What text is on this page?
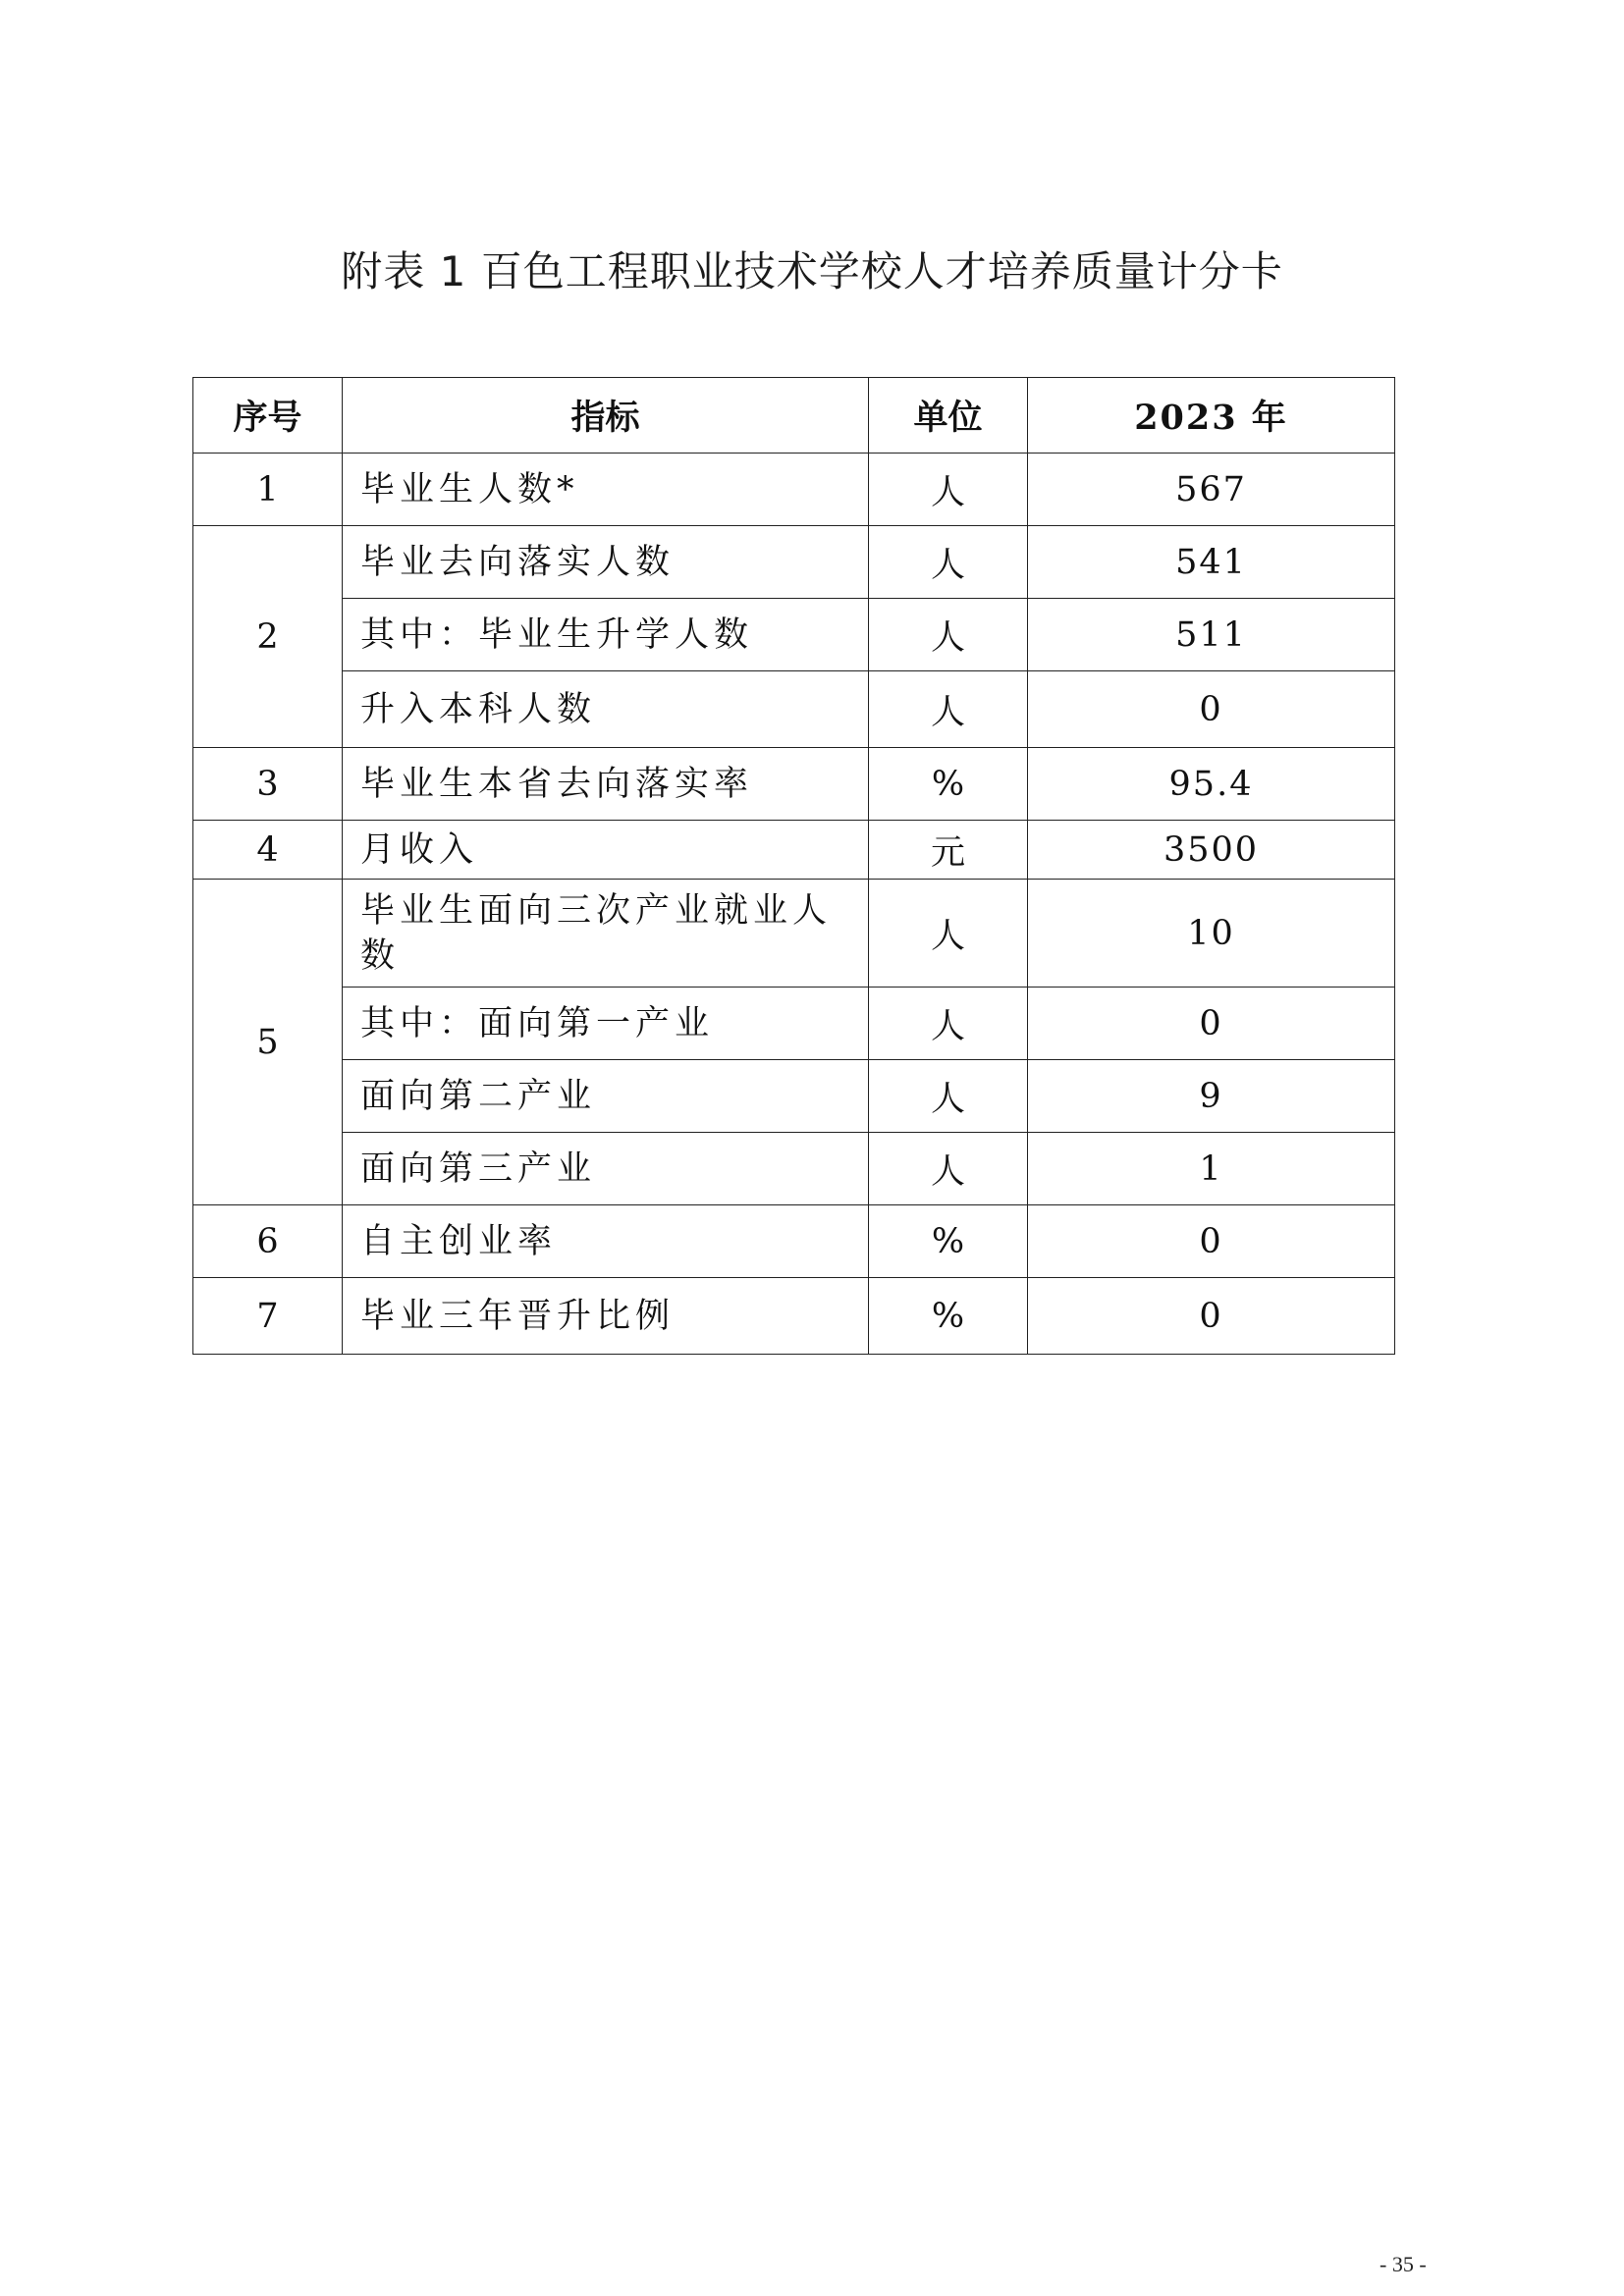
附表 1 百色工程职业技术学校人才培养质量计分卡
序号	指标	单位	2023 年
1	毕业生人数*	人	567
2	毕业去向落实人数	人	541
	其中：毕业生升学人数	人	511
	升入本科人数	人	0
3	毕业生本省去向落实率	%	95.4
4	月收入	元	3500
5	毕业生面向三次产业就业人数	人	10
	其中：面向第一产业	人	0
	面向第二产业	人	9
	面向第三产业	人	1
6	自主创业率	%	0
7	毕业三年晋升比例	%	0
- 35 -
